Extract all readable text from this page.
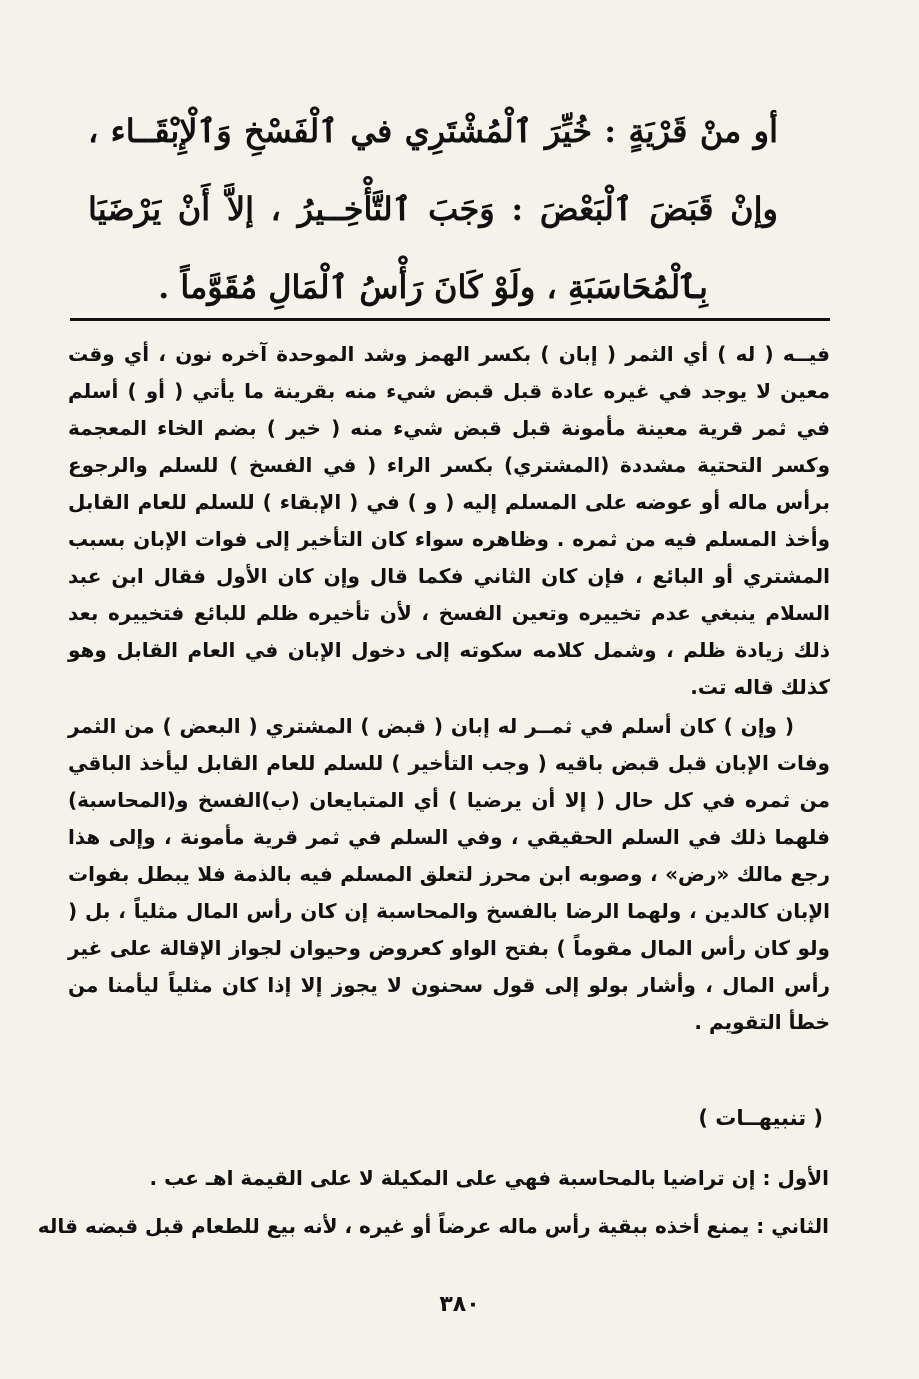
أو منْ قَرْيَةٍ : خُيِّرَ ٱلْمُشْتَرِي في ٱلْفَسْخِ وَٱلْإِبْقَــاء ، وإنْ قَبَضَ ٱلْبَعْضَ : وَجَبَ ٱلتَّأْخِــيرُ ، إلاَّ أَنْ يَرْضَيَا بِٱلْمُحَاسَبَةِ ، ولَوْ كَانَ رَأْسُ ٱلْمَالِ مُقَوَّماً .

فيــه ( له ) أي الثمر ( إبان ) بكسر الهمز وشد الموحدة آخره نون ، أي وقت معين لا يوجد في غيره عادة قبل قبض شيء منه بقرينة ما يأتي ( أو ) أسلم في ثمر قرية معينة مأمونة قبل قبض شيء منه ( خير ) بضم الخاء المعجمة وكسر التحتية مشددة (المشتري) بكسر الراء ( في الفسخ ) للسلم والرجوع برأس ماله أو عوضه على المسلم إليه ( و ) في ( الإبقاء ) للسلم للعام القابل وأخذ المسلم فيه من ثمره . وظاهره سواء كان التأخير إلى فوات الإبان بسبب المشتري أو البائع ، فإن كان الثاني فكما قال وإن كان الأول فقال ابن عبد السلام ينبغي عدم تخييره وتعين الفسخ ، لأن تأخيره ظلم للبائع فتخييره بعد ذلك زيادة ظلم ، وشمل كلامه سكوته إلى دخول الإبان في العام القابل وهو كذلك قاله تت.

( وإن ) كان أسلم في ثمــر له إبان ( قبض ) المشتري ( البعض ) من الثمر وفات الإبان قبل قبض باقيه ( وجب التأخير ) للسلم للعام القابل ليأخذ الباقي من ثمره في كل حال ( إلا أن يرضيا ) أي المتبايعان (ب)الفسخ و(المحاسبة) فلهما ذلك في السلم الحقيقي ، وفي السلم في ثمر قرية مأمونة ، وإلى هذا رجع مالك «رض» ، وصوبه ابن محرز لتعلق المسلم فيه بالذمة فلا يبطل بفوات الإبان كالدين ، ولهما الرضا بالفسخ والمحاسبة إن كان رأس المال مثلياً ، بل ( ولو كان رأس المال مقوماً ) بفتح الواو كعروض وحيوان لجواز الإقالة على غير رأس المال ، وأشار بولو إلى قول سحنون لا يجوز إلا إذا كان مثلياً ليأمنا من خطأ التقويم .

( تنبيهــات )
الأول : إن تراضيا بالمحاسبة فهي على المكيلة لا على القيمة اهـ عب .
الثاني : يمنع أخذه ببقية رأس ماله عرضاً أو غيره ، لأنه بيع للطعام قبل قبضه قاله
٣٨٠
